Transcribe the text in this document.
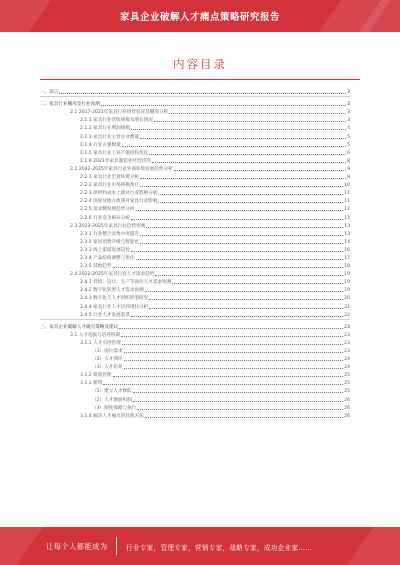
家具企业破解人才痛点策略研究报告
内容目录
一、前言	3
二、家具行业概况及行业预测	3
2.1 2017-2021年家具行业经营状况及概况分析	3
2.1.1 家具行业营收规模及增长情况	3
2.1.2 家具行业利润规模	4
2.1.3 家具行业主营企业数量	5
2.1.4 行业五强数量	5
2.1.5 家具行业工业产值结构变化	6
2.1.6 2021年家具制造业经营状况	8
2.2 2022-2025年家具行业外部环境发展趋势分析	9
2.2.1 家具行业宏观环境分析	9
2.2.2 家具行业市场规模预计	10
2.2.3 原材料成本上涨对行业影响分析	11
2.2.4 国家及地方政策对家具行业影响	11
2.2.5 需求侧发展趋势分析	12
2.2.6 行业竞争格局分析	12
2.3 2023-2025年家具行业趋势预测	13
2.3.1 行业整合及集中度提升	13
2.3.2 家居消费升级与智能化	14
2.3.3 线上渠道发展趋势	16
2.3.4 产品结构调整与优化	17
2.3.5 其他趋势	18
2.4 2022-2025年家具行业人才需求趋势	19
2.4.1 营销、设计、生产等岗位人才需求预测	19
2.4.2 数字化转型人才需求预测	19
2.4.3 数字化与人才组织转型研究	20
2.4.4 家具行业人才培养现状分析	21
2.4.5 行业人才发展前景	22
三、家具企业破解人才痛点策略及建议	23
3.1 人才选拔与培养机制	23
3.1.1 人才引进管理	23
（1）岗位需求	23
（2）人才测评	24
（3）人才培养	24
3.1.2 绩效管理	25
3.1.3 薪资	25
（1）建立人才梯队	25
（2）人才激励机制	26
（3）制度保障与执行	26
3.1.4 解决人才痛点的其他方法	26
让每个人都能成为	行业专家，管理专家，营销专家，战略专家，成功企业家……
